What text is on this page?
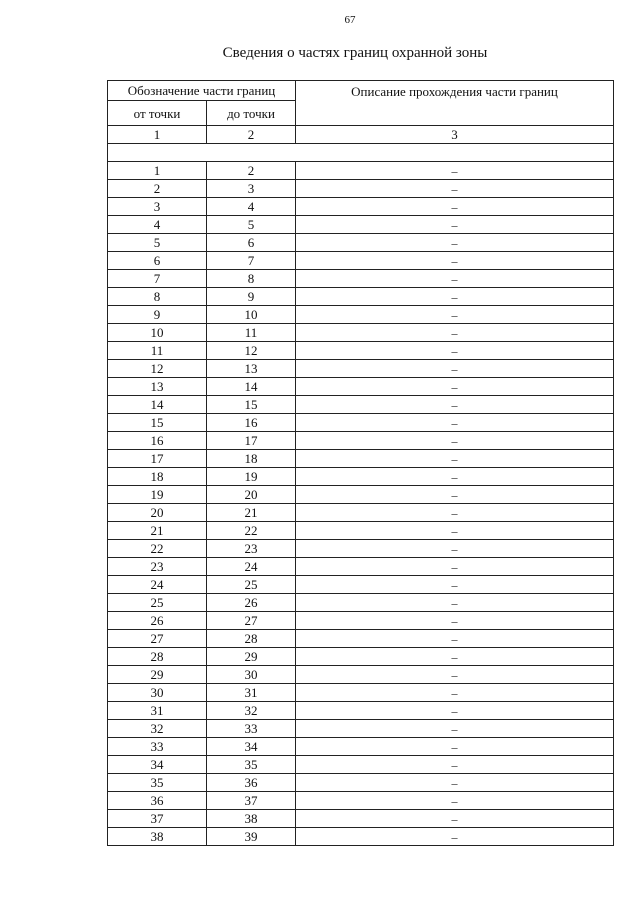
67
Сведения о частях границ охранной зоны
Обозначение части границ		Описание прохождения части границ
от точки	до точки	
1	2	3

1	2	–
2	3	–
3	4	–
4	5	–
5	6	–
6	7	–
7	8	–
8	9	–
9	10	–
10	11	–
11	12	–
12	13	–
13	14	–
14	15	–
15	16	–
16	17	–
17	18	–
18	19	–
19	20	–
20	21	–
21	22	–
22	23	–
23	24	–
24	25	–
25	26	–
26	27	–
27	28	–
28	29	–
29	30	–
30	31	–
31	32	–
32	33	–
33	34	–
34	35	–
35	36	–
36	37	–
37	38	–
38	39	–
